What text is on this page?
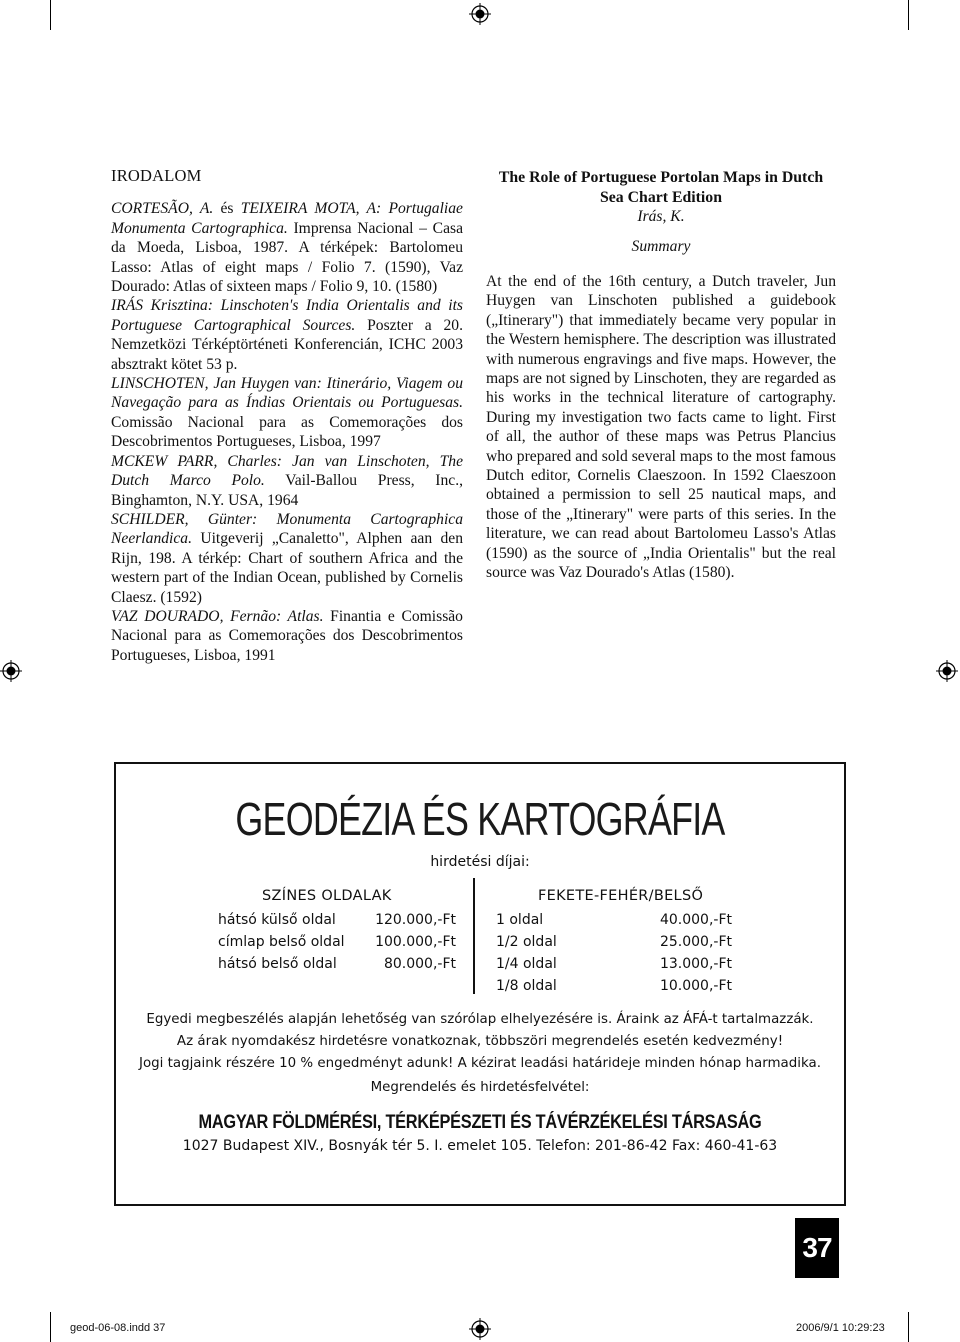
IRODALOM

CORTESÃO, A. és TEIXEIRA MOTA, A: Portugaliae Monumenta Cartographica. Imprensa Nacional – Casa da Moeda, Lisboa, 1987. A térképek: Bartolomeu Lasso: Atlas of eight maps / Folio 7. (1590), Vaz Dourado: Atlas of sixteen maps / Folio 9, 10. (1580)

IRÁS Krisztina: Linschoten's India Orientalis and its Portuguese Cartographical Sources. Poszter a 20. Nemzetközi Térképtörténeti Konferencián, ICHC 2003 absztrakt kötet 53 p.

LINSCHOTEN, Jan Huygen van: Itinerário, Viagem ou Navegação para as Índias Orientais ou Portuguesas. Comissão Nacional para as Comemorações dos Descobrimentos Portugueses, Lisboa, 1997

MCKEW PARR, Charles: Jan van Linschoten, The Dutch Marco Polo. Vail-Ballou Press, Inc., Binghamton, N.Y. USA, 1964

SCHILDER, Günter: Monumenta Cartographica Neerlandica. Uitgeverij „Canaletto", Alphen aan den Rijn, 198. A térkép: Chart of southern Africa and the western part of the Indian Ocean, published by Cornelis Claesz. (1592)

VAZ DOURADO, Fernão: Atlas. Finantia e Comissão Nacional para as Comemorações dos Descobrimentos Portugueses, Lisboa, 1991

The Role of Portuguese Portolan Maps in Dutch Sea Chart Edition
Irás, K.
Summary

At the end of the 16th century, a Dutch traveler, Jun Huygen van Linschoten published a guidebook („Itinerary") that immediately became very popular in the Western hemisphere. The description was illustrated with numerous engravings and five maps. However, the maps are not signed by Linschoten, they are regarded as his works in the technical literature of cartography. During my investigation two facts came to light. First of all, the author of these maps was Petrus Plancius who prepared and sold several maps to the most famous Dutch editor, Cornelis Claeszoon. In 1592 Claeszoon obtained a permission to sell 25 nautical maps, and those of the „Itinerary" were parts of this series. In the literature, we can read about Bartolomeu Lasso's Atlas (1590) as the source of „India Orientalis" but the real source was Vaz Dourado's Atlas (1580).

GEODÉZIA ÉS KARTOGRÁFIA
hirdetési díjai:
SZÍNES OLDALAK	FEKETE-FEHÉR/BELSŐ
hátsó külső oldal	120.000,-Ft
címlap belső oldal 100.000,-Ft
hátsó belső oldal	80.000,-Ft
1 oldal	40.000,-Ft
1/2 oldal	25.000,-Ft
1/4 oldal	13.000,-Ft
1/8 oldal	10.000,-Ft
Egyedi megbeszélés alapján lehetőség van szórólap elhelyezésére is. Áraink az ÁFÁ-t tartalmazzák.
Az árak nyomdakész hirdetésre vonatkoznak, többszöri megrendelés esetén kedvezmény!
Jogi tagjaink részére 10 % engedményt adunk! A kézirat leadási határideje minden hónap harmadika.
Megrendelés és hirdetésfelvétel:
MAGYAR FÖLDMÉRÉSI, TÉRKÉPÉSZETI ÉS TÁVÉRZÉKELÉSI TÁRSASÁG
1027 Budapest XIV., Bosnyák tér 5. I. emelet 105. Telefon: 201-86-42 Fax: 460-41-63
37
geod-06-08.indd 37	2006/9/1 10:29:23
